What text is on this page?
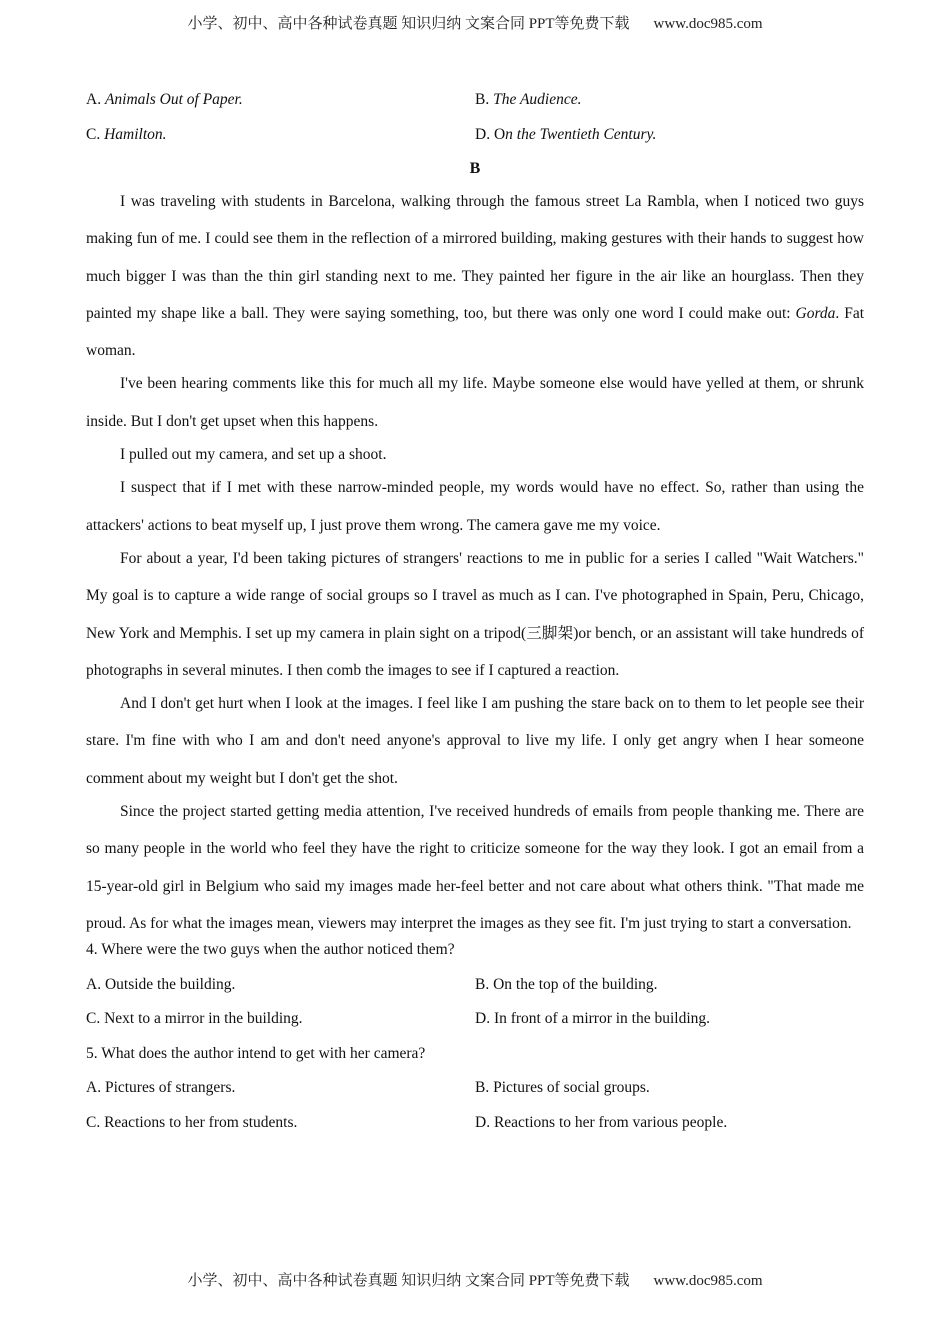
小学、初中、高中各种试卷真题 知识归纳 文案合同 PPT等免费下载 www.doc985.com
A. Animals Out of Paper.	B. The Audience.
C. Hamilton.	D. On the Twentieth Century.
B

I was traveling with students in Barcelona, walking through the famous street La Rambla, when I noticed two guys making fun of me. I could see them in the reflection of a mirrored building, making gestures with their hands to suggest how much bigger I was than the thin girl standing next to me. They painted her figure in the air like an hourglass. Then they painted my shape like a ball. They were saying something, too, but there was only one word I could make out: Gorda. Fat woman.

I've been hearing comments like this for much all my life. Maybe someone else would have yelled at them, or shrunk inside. But I don't get upset when this happens.

I pulled out my camera, and set up a shoot.

I suspect that if I met with these narrow-minded people, my words would have no effect. So, rather than using the attackers' actions to beat myself up, I just prove them wrong. The camera gave me my voice.

For about a year, I'd been taking pictures of strangers' reactions to me in public for a series I called "Wait Watchers." My goal is to capture a wide range of social groups so I travel as much as I can. I've photographed in Spain, Peru, Chicago, New York and Memphis. I set up my camera in plain sight on a tripod(三脚架)or bench, or an assistant will take hundreds of photographs in several minutes. I then comb the images to see if I captured a reaction.

And I don't get hurt when I look at the images. I feel like I am pushing the stare back on to them to let people see their stare. I'm fine with who I am and don't need anyone's approval to live my life. I only get angry when I hear someone comment about my weight but I don't get the shot.

Since the project started getting media attention, I've received hundreds of emails from people thanking me. There are so many people in the world who feel they have the right to criticize someone for the way they look. I got an email from a 15-year-old girl in Belgium who said my images made her-feel better and not care about what others think. "That made me proud. As for what the images mean, viewers may interpret the images as they see fit. I'm just trying to start a conversation.

4. Where were the two guys when the author noticed them?
A. Outside the building.	B. On the top of the building.
C. Next to a mirror in the building.	D. In front of a mirror in the building.
5. What does the author intend to get with her camera?
A. Pictures of strangers.	B. Pictures of social groups.
C. Reactions to her from students.	D. Reactions to her from various people.
小学、初中、高中各种试卷真题 知识归纳 文案合同 PPT等免费下载 www.doc985.com
